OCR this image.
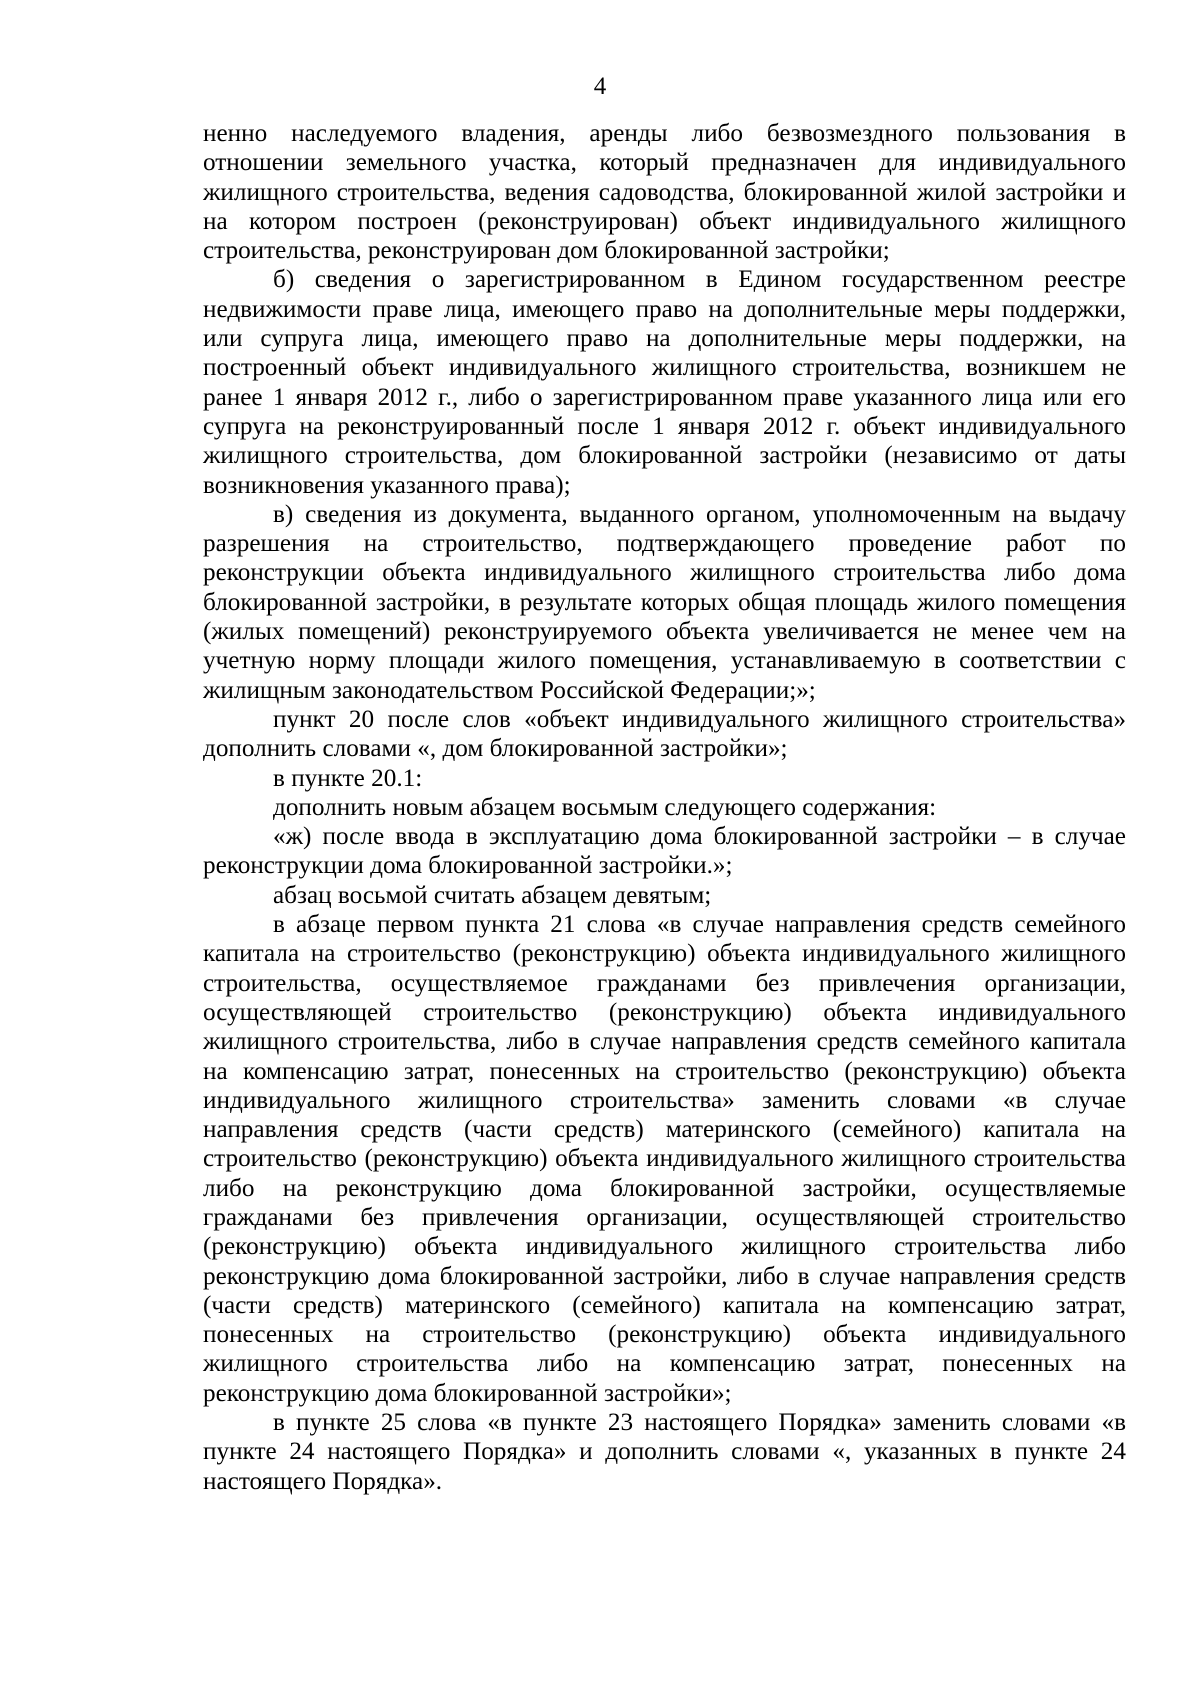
4

ненно наследуемого владения, аренды либо безвозмездного пользования в отношении земельного участка, который предназначен для индивидуального жилищного строительства, ведения садоводства, блокированной жилой застройки и на котором построен (реконструирован) объект индивидуального жилищного строительства, реконструирован дом блокированной застройки;

б) сведения о зарегистрированном в Едином государственном реестре недвижимости праве лица, имеющего право на дополнительные меры поддержки, или супруга лица, имеющего право на дополнительные меры поддержки, на построенный объект индивидуального жилищного строительства, возникшем не ранее 1 января 2012 г., либо о зарегистрированном праве указанного лица или его супруга на реконструированный после 1 января 2012 г. объект индивидуального жилищного строительства, дом блокированной застройки (независимо от даты возникновения указанного права);

в) сведения из документа, выданного органом, уполномоченным на выдачу разрешения на строительство, подтверждающего проведение работ по реконструкции объекта индивидуального жилищного строительства либо дома блокированной застройки, в результате которых общая площадь жилого помещения (жилых помещений) реконструируемого объекта увеличивается не менее чем на учетную норму площади жилого помещения, устанавливаемую в соответствии с жилищным законодательством Российской Федерации;»;

пункт 20 после слов «объект индивидуального жилищного строительства» дополнить словами «, дом блокированной застройки»;

в пункте 20.1:

дополнить новым абзацем восьмым следующего содержания:

«ж) после ввода в эксплуатацию дома блокированной застройки – в случае реконструкции дома блокированной застройки.»;

абзац восьмой считать абзацем девятым;

в абзаце первом пункта 21 слова «в случае направления средств семейного капитала на строительство (реконструкцию) объекта индивидуального жилищного строительства, осуществляемое гражданами без привлечения организации, осуществляющей строительство (реконструкцию) объекта индивидуального жилищного строительства, либо в случае направления средств семейного капитала на компенсацию затрат, понесенных на строительство (реконструкцию) объекта индивидуального жилищного строительства» заменить словами «в случае направления средств (части средств) материнского (семейного) капитала на строительство (реконструкцию) объекта индивидуального жилищного строительства либо на реконструкцию дома блокированной застройки, осуществляемые гражданами без привлечения организации, осуществляющей строительство (реконструкцию) объекта индивидуального жилищного строительства либо реконструкцию дома блокированной застройки, либо в случае направления средств (части средств) материнского (семейного) капитала на компенсацию затрат, понесенных на строительство (реконструкцию) объекта индивидуального жилищного строительства либо на компенсацию затрат, понесенных на реконструкцию дома блокированной застройки»;

в пункте 25 слова «в пункте 23 настоящего Порядка» заменить словами «в пункте 24 настоящего Порядка» и дополнить словами «, указанных в пункте 24 настоящего Порядка».
